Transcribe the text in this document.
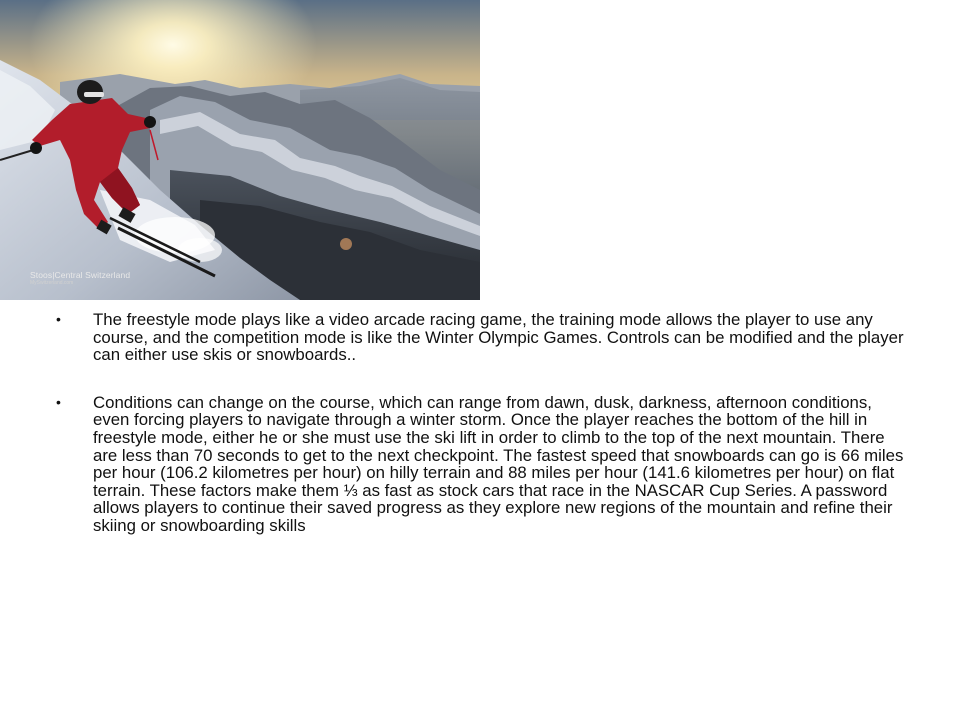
Stoos|Central Switzerland
MySwitzerland.com
• The freestyle mode plays like a video arcade racing game, the training mode allows the player to use any course, and the competition mode is like the Winter Olympic Games. Controls can be modified and the player can either use skis or snowboards..
• Conditions can change on the course, which can range from dawn, dusk, darkness, afternoon conditions, even forcing players to navigate through a winter storm. Once the player reaches the bottom of the hill in freestyle mode, either he or she must use the ski lift in order to climb to the top of the next mountain. There are less than 70 seconds to get to the next checkpoint. The fastest speed that snowboards can go is 66 miles per hour (106.2 kilometres per hour) on hilly terrain and 88 miles per hour (141.6 kilometres per hour) on flat terrain. These factors make them ⅓ as fast as stock cars that race in the NASCAR Cup Series. A password allows players to continue their saved progress as they explore new regions of the mountain and refine their skiing or snowboarding skills
